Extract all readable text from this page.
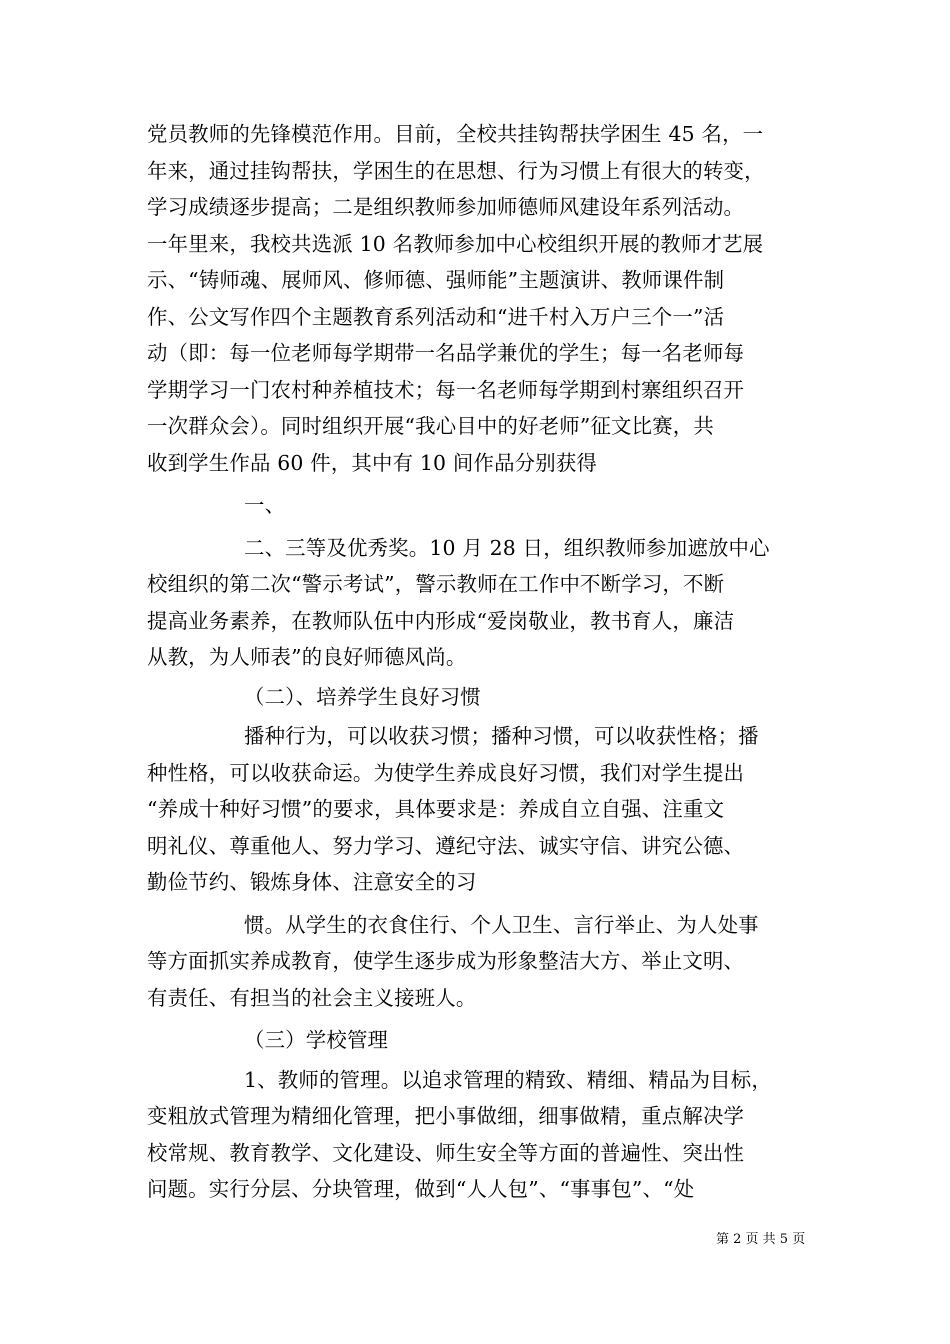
党员教师的先锋模范作用。目前，全校共挂钩帮扶学困生 45 名，一
年来，通过挂钩帮扶，学困生的在思想、行为习惯上有很大的转变，
学习成绩逐步提高；二是组织教师参加师德师风建设年系列活动。
一年里来，我校共选派 10 名教师参加中心校组织开展的教师才艺展
示、“铸师魂、展师风、修师德、强师能”主题演讲、教师课件制
作、公文写作四个主题教育系列活动和“进千村入万户三个一”活
动（即：每一位老师每学期带一名品学兼优的学生；每一名老师每
学期学习一门农村种养植技术；每一名老师每学期到村寨组织召开
一次群众会）。同时组织开展“我心目中的好老师”征文比赛，共
收到学生作品 60 件，其中有 10 间作品分别获得
一、
二、三等及优秀奖。10 月 28 日，组织教师参加遮放中心
校组织的第二次“警示考试”，警示教师在工作中不断学习，不断
提高业务素养，在教师队伍中内形成“爱岗敬业，教书育人，廉洁
从教，为人师表”的良好师德风尚。
（二）、培养学生良好习惯
播种行为，可以收获习惯；播种习惯，可以收获性格；播
种性格，可以收获命运。为使学生养成良好习惯，我们对学生提出
“养成十种好习惯”的要求，具体要求是：养成自立自强、注重文
明礼仪、尊重他人、努力学习、遵纪守法、诚实守信、讲究公德、
勤俭节约、锻炼身体、注意安全的习
惯。从学生的衣食住行、个人卫生、言行举止、为人处事
等方面抓实养成教育，使学生逐步成为形象整洁大方、举止文明、
有责任、有担当的社会主义接班人。
（三）学校管理
1、教师的管理。以追求管理的精致、精细、精品为目标，
变粗放式管理为精细化管理，把小事做细，细事做精，重点解决学
校常规、教育教学、文化建设、师生安全等方面的普遍性、突出性
问题。实行分层、分块管理，做到“人人包”、“事事包”、“处
第 2 页 共 5 页
